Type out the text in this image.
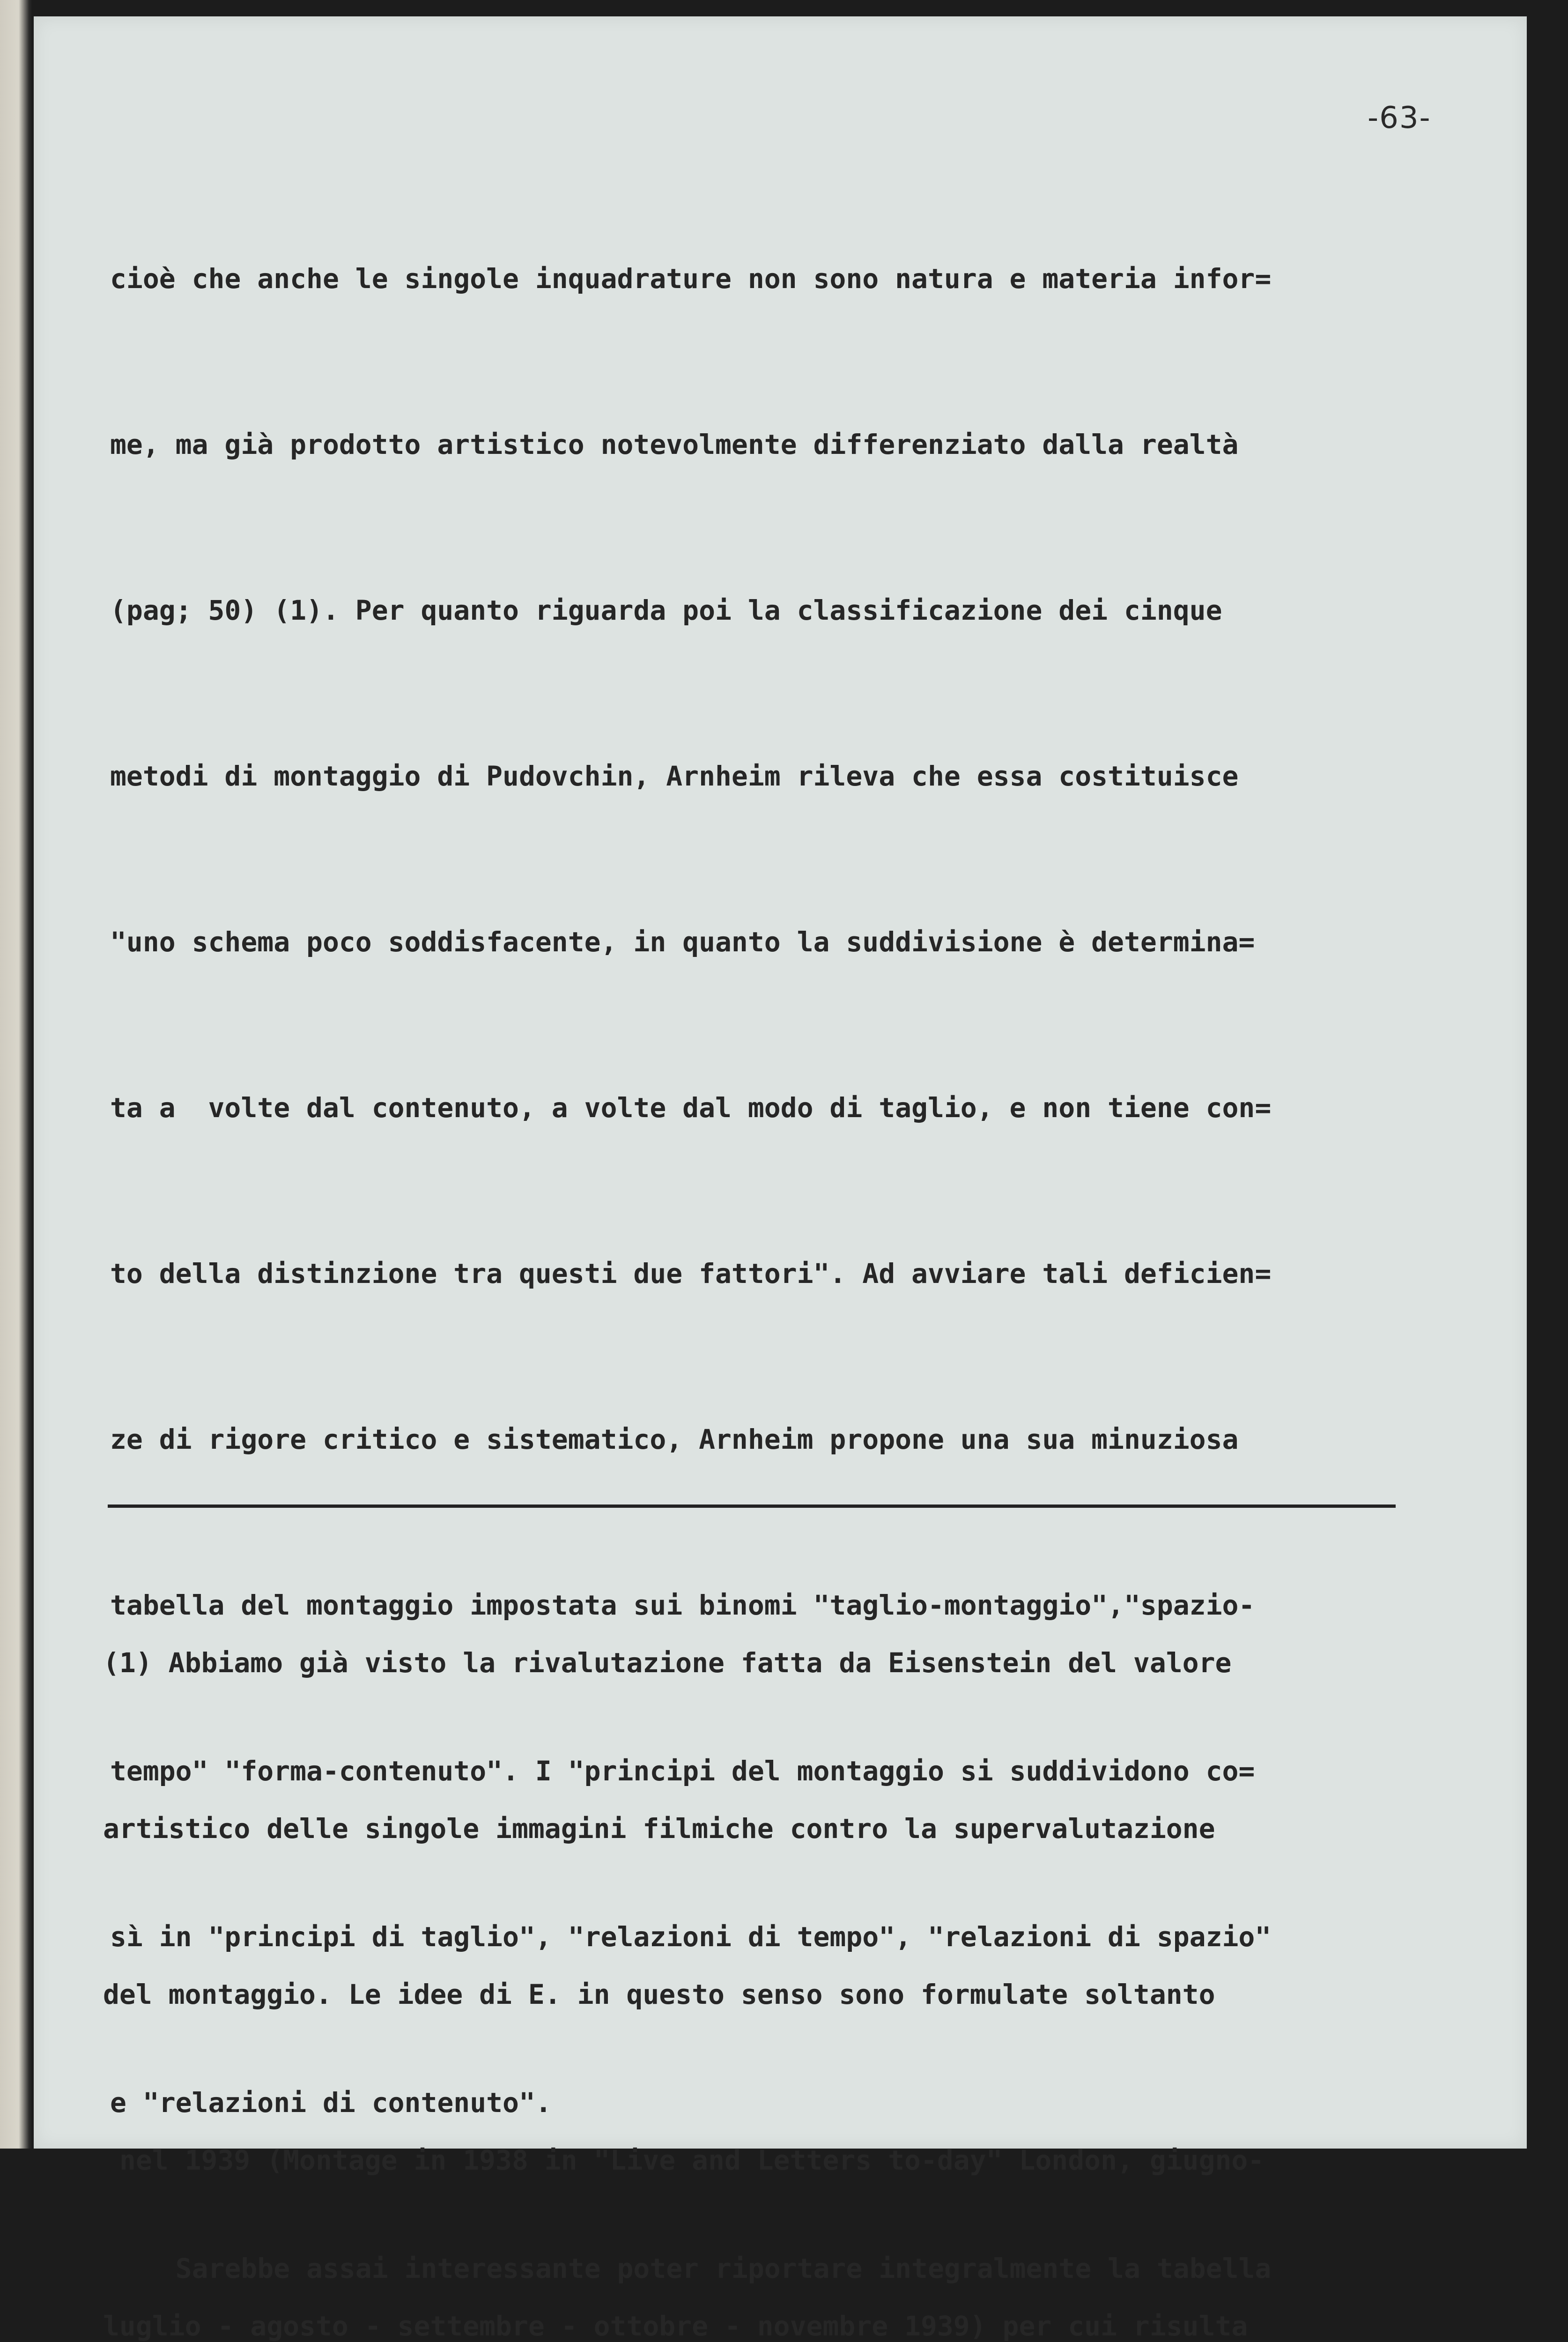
-63-

cioè che anche le singole inquadrature non sono natura e materia infor=

me, ma già prodotto artistico notevolmente differenziato dalla realtà

(pag; 50) (1). Per quanto riguarda poi la classificazione dei cinque

metodi di montaggio di Pudovchin, Arnheim rileva che essa costituisce

"uno schema poco soddisfacente, in quanto la suddivisione è determina=

ta a  volte dal contenuto, a volte dal modo di taglio, e non tiene con=

to della distinzione tra questi due fattori". Ad avviare tali deficien=

ze di rigore critico e sistematico, Arnheim propone una sua minuziosa

tabella del montaggio impostata sui binomi "taglio-montaggio","spazio-

tempo" "forma-contenuto". I "principi del montaggio si suddividono co=

sì in "principi di taglio", "relazioni di tempo", "relazioni di spazio"

e "relazioni di contenuto".

Sarebbe assai interessante poter riportare integralmente la tabella

(1) Abbiamo già visto la rivalutazione fatta da Eisenstein del valore

artistico delle singole immagini filmiche contro la supervalutazione

del montaggio. Le idee di E. in questo senso sono formulate soltanto

nel 1939 (Montage in 1938 in "Live and Letters to-day" London, giugno-

luglio - agosto - settembre - ottobre - novembre 1939) per cui risulta
